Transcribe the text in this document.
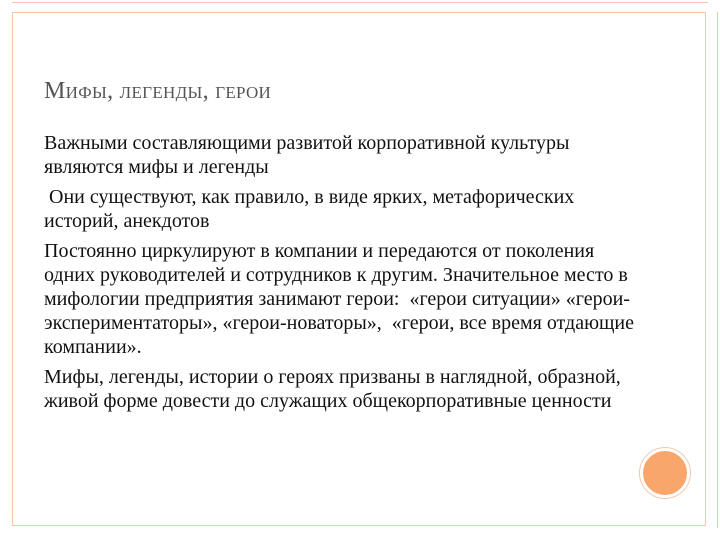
Мифы, легенды, герои

Важными составляющими развитой корпоративной культуры являются мифы и легенды

Они существуют, как правило, в виде ярких, метафорических историй, анекдотов

Постоянно циркулируют в компании и передаются от поколения одних руководителей и сотрудников к другим. Значительное место в мифологии предприятия занимают герои:  «герои ситуации» «герои-экспериментаторы», «герои-новаторы»,  «герои, все время отдающие компании».

Мифы, легенды, истории о героях призваны в наглядной, образной, живой форме довести до служащих общекорпоративные ценности
